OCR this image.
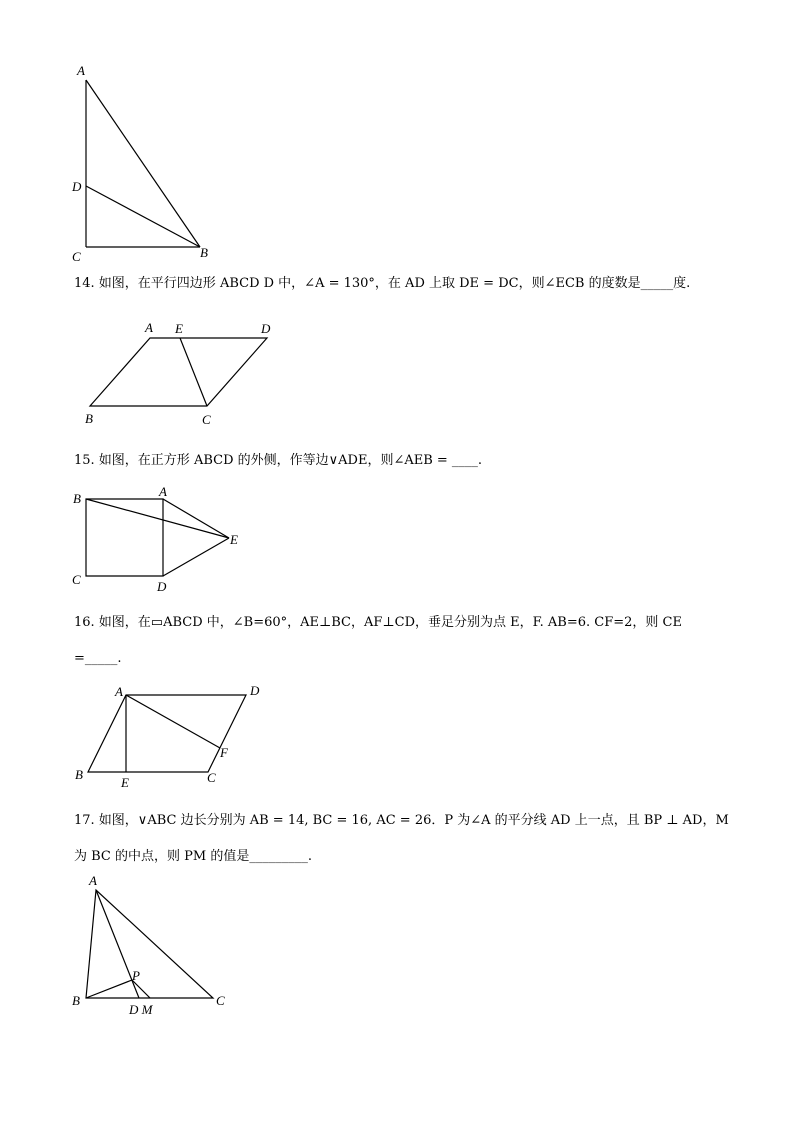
A
D
C	B
14. 如图，在平行四边形 ABCD D 中，∠A = 130°，在 AD 上取 DE = DC，则∠ECB 的度数是_____度.
A E	D
B	C
15. 如图，在正方形 ABCD 的外侧，作等边∨ADE，则∠AEB = ____.
B	A
E
C	D
16. 如图，在▭ABCD 中，∠B=60°，AE⊥BC，AF⊥CD，垂足分别为点 E，F. AB=6. CF=2，则 CE
=_____.
A	D
F
B
E	C
17. 如图，∨ABC 边长分别为 AB = 14, BC = 16, AC = 26．P 为∠A 的平分线 AD 上一点，且 BP ⊥ AD，M
为 BC 的中点，则 PM 的值是_________.
A
P
B
D M
C
